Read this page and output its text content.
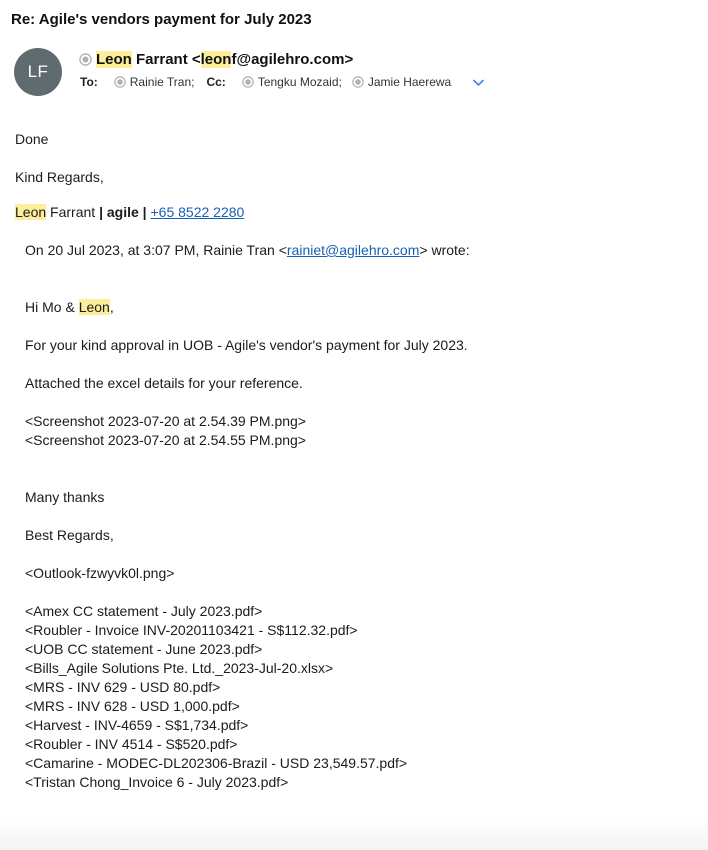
Re: Agile's vendors payment for July 2023
LF
Leon Farrant <leonf@agilehro.com>
To:	Rainie Tran; Cc:	Tengku Mozaid; Jamie Haerewa
Done
Kind Regards,
Leon Farrant | agile | +65 8522 2280
On 20 Jul 2023, at 3:07 PM, Rainie Tran <rainiet@agilehro.com> wrote:
Hi Mo & Leon,
For your kind approval in UOB - Agile's vendor's payment for July 2023.
Attached the excel details for your reference.
<Screenshot 2023-07-20 at 2.54.39 PM.png>
<Screenshot 2023-07-20 at 2.54.55 PM.png>
Many thanks
Best Regards,
<Outlook-fzwyvk0l.png>
<Amex CC statement - July 2023.pdf>
<Roubler - Invoice INV-20201103421 - S$112.32.pdf>
<UOB CC statement - June 2023.pdf>
<Bills_Agile Solutions Pte. Ltd._2023-Jul-20.xlsx>
<MRS - INV 629 - USD 80.pdf>
<MRS - INV 628 - USD 1,000.pdf>
<Harvest - INV-4659 - S$1,734.pdf>
<Roubler - INV 4514 - S$520.pdf>
<Camarine - MODEC-DL202306-Brazil - USD 23,549.57.pdf>
<Tristan Chong_Invoice 6 - July 2023.pdf>
